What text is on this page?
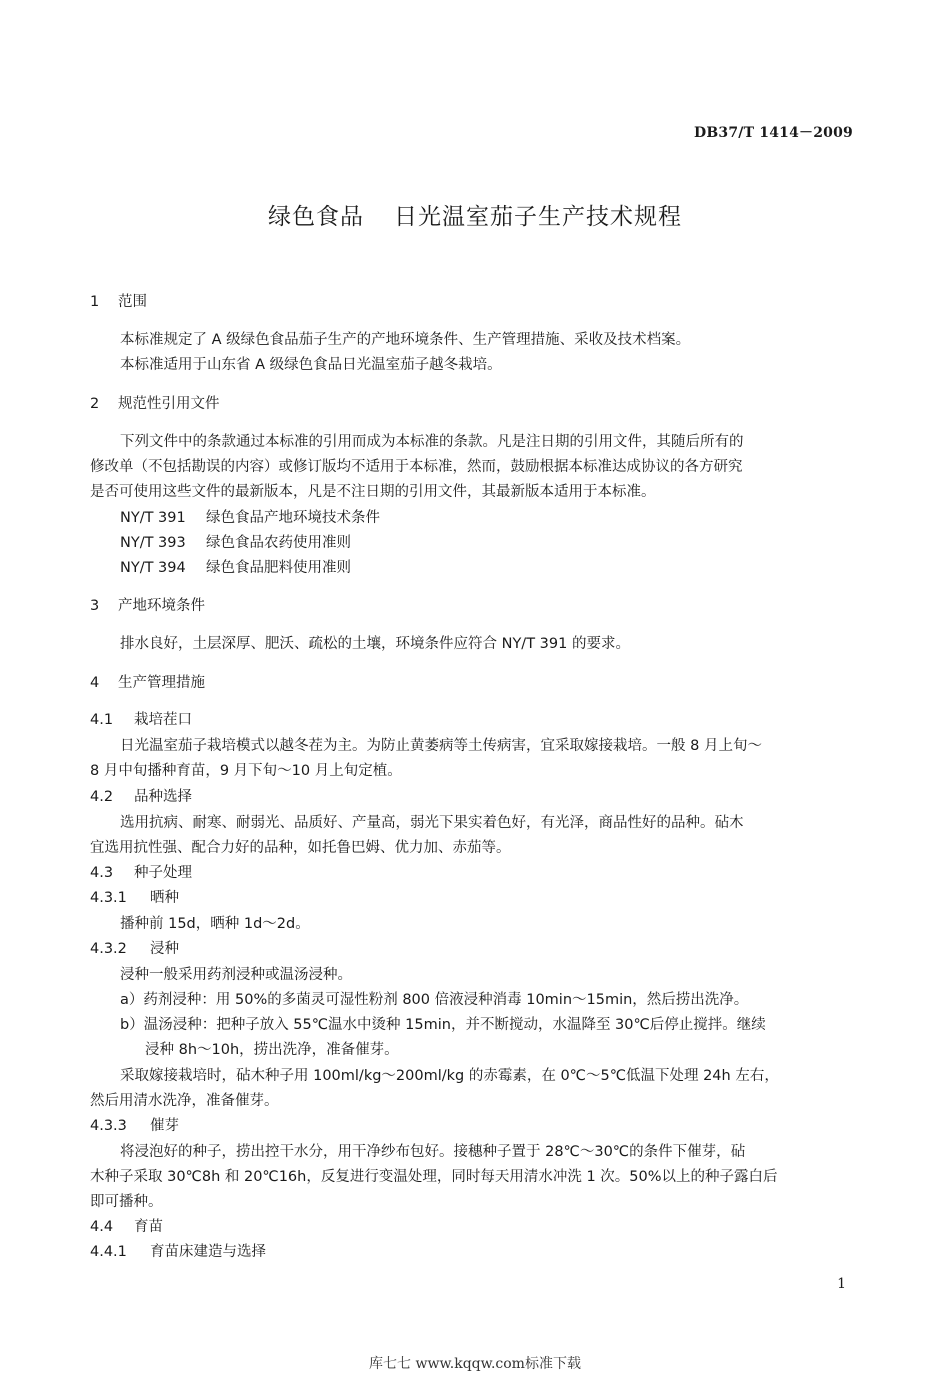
DB37/T 1414－2009
绿色食品 日光温室茄子生产技术规程
1 范围
本标准规定了 A 级绿色食品茄子生产的产地环境条件、生产管理措施、采收及技术档案。
本标准适用于山东省 A 级绿色食品日光温室茄子越冬栽培。
2 规范性引用文件
下列文件中的条款通过本标准的引用而成为本标准的条款。凡是注日期的引用文件，其随后所有的
修改单（不包括勘误的内容）或修订版均不适用于本标准，然而，鼓励根据本标准达成协议的各方研究
是否可使用这些文件的最新版本，凡是不注日期的引用文件，其最新版本适用于本标准。
NY/T 391 绿色食品产地环境技术条件
NY/T 393 绿色食品农药使用准则
NY/T 394 绿色食品肥料使用准则
3 产地环境条件
排水良好，土层深厚、肥沃、疏松的土壤，环境条件应符合 NY/T 391 的要求。
4 生产管理措施
4.1 栽培茬口
日光温室茄子栽培模式以越冬茬为主。为防止黄萎病等土传病害，宜采取嫁接栽培。一般 8 月上旬～
8 月中旬播种育苗，9 月下旬～10 月上旬定植。
4.2 品种选择
选用抗病、耐寒、耐弱光、品质好、产量高，弱光下果实着色好，有光泽，商品性好的品种。砧木
宜选用抗性强、配合力好的品种，如托鲁巴姆、优力加、赤茄等。
4.3 种子处理
4.3.1 晒种
播种前 15d，晒种 1d～2d。
4.3.2 浸种
浸种一般采用药剂浸种或温汤浸种。
a）药剂浸种：用 50%的多菌灵可湿性粉剂 800 倍液浸种消毒 10min～15min，然后捞出洗净。
b）温汤浸种：把种子放入 55℃温水中烫种 15min，并不断搅动，水温降至 30℃后停止搅拌。继续
浸种 8h～10h，捞出洗净，准备催芽。
采取嫁接栽培时，砧木种子用 100ml/kg～200ml/kg 的赤霉素，在 0℃～5℃低温下处理 24h 左右，
然后用清水洗净，准备催芽。
4.3.3 催芽
将浸泡好的种子，捞出控干水分，用干净纱布包好。接穗种子置于 28℃～30℃的条件下催芽，砧
木种子采取 30℃8h 和 20℃16h，反复进行变温处理，同时每天用清水冲洗 1 次。50%以上的种子露白后
即可播种。
4.4 育苗
4.4.1 育苗床建造与选择
1
库七七 www.kqqw.com标准下载
